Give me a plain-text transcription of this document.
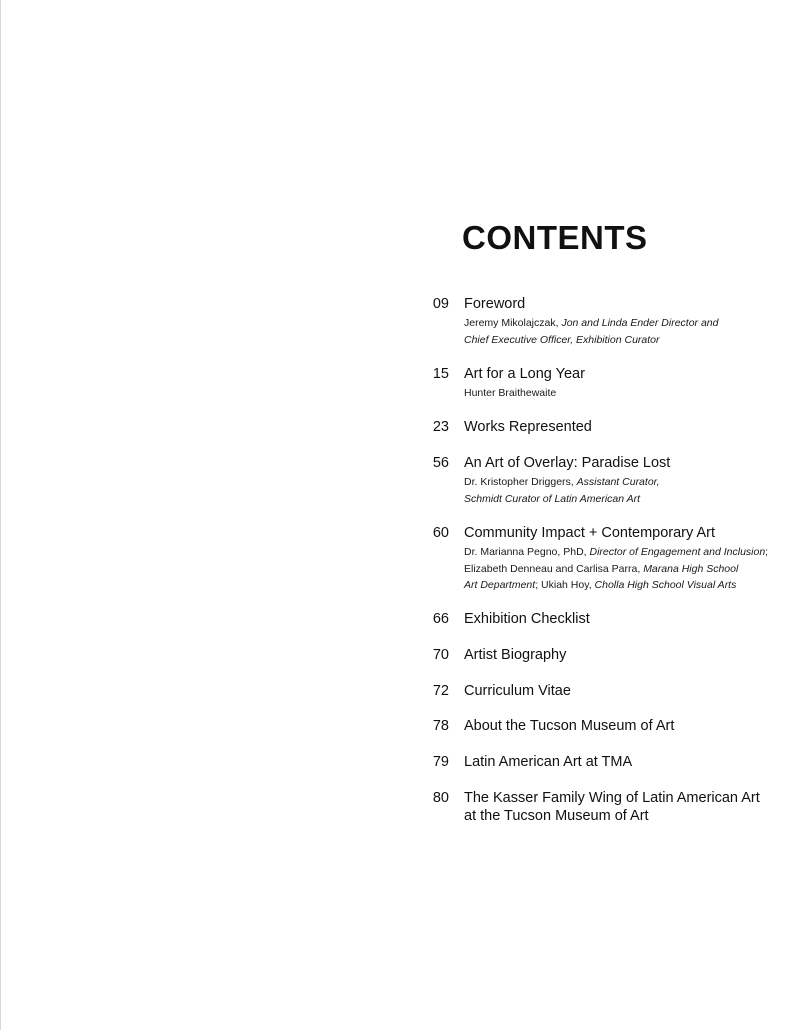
CONTENTS
09 Foreword
Jeremy Mikolajczak, Jon and Linda Ender Director and
Chief Executive Officer, Exhibition Curator
15 Art for a Long Year
Hunter Braithewaite
23 Works Represented
56 An Art of Overlay: Paradise Lost
Dr. Kristopher Driggers, Assistant Curator,
Schmidt Curator of Latin American Art
60 Community Impact + Contemporary Art
Dr. Marianna Pegno, PhD, Director of Engagement and Inclusion;
Elizabeth Denneau and Carlisa Parra, Marana High School
Art Department; Ukiah Hoy, Cholla High School Visual Arts
66 Exhibition Checklist
70 Artist Biography
72 Curriculum Vitae
78 About the Tucson Museum of Art
79 Latin American Art at TMA
80 The Kasser Family Wing of Latin American Art
at the Tucson Museum of Art
